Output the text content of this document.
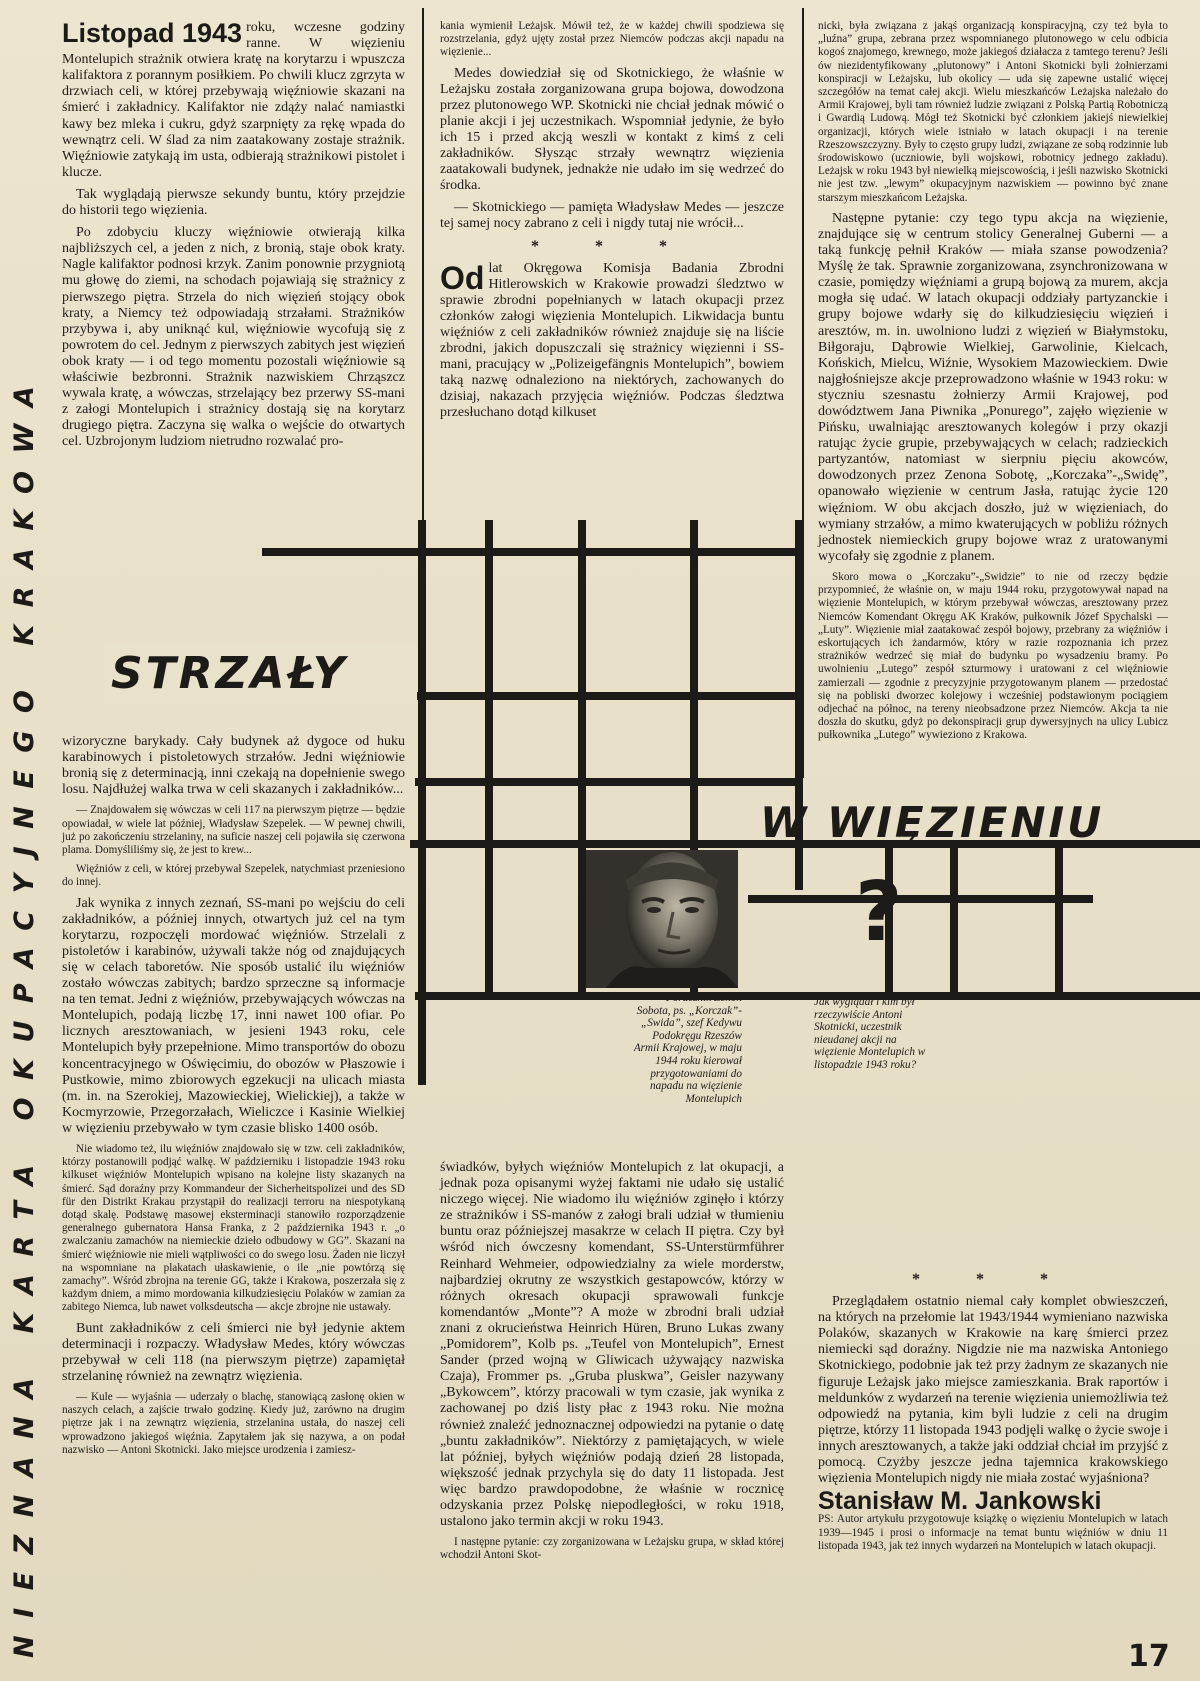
NIEZNANA KARTA OKUPACYJNEGO KRAKOWA

Listopad 1943 roku, wczesne godziny ranne. W więzieniu Montelupich strażnik otwiera kratę na korytarzu i wpuszcza kalifaktora z porannym posiłkiem. Po chwili klucz zgrzyta w drzwiach celi, w której przebywają więźniowie skazani na śmierć i zakładnicy. Kalifaktor nie zdąży nalać namiastki kawy bez mleka i cukru, gdyż szarpnięty za rękę wpada do wewnątrz celi. W ślad za nim zaatakowany zostaje strażnik. Więźniowie zatykają im usta, odbierają strażnikowi pistolet i klucze.

Tak wyglądają pierwsze sekundy buntu, który przejdzie do historii tego więzienia.

Po zdobyciu kluczy więźniowie otwierają kilka najbliższych cel, a jeden z nich, z bronią, staje obok kraty. Nagle kalifaktor podnosi krzyk. Zanim ponownie przygniotą mu głowę do ziemi, na schodach pojawiają się strażnicy z pierwszego piętra. Strzela do nich więzień stojący obok kraty, a Niemcy też odpowiadają strzałami. Strażników przybywa i, aby uniknąć kul, więźniowie wycofują się z powrotem do cel. Jednym z pierwszych zabitych jest więzień obok kraty — i od tego momentu pozostali więźniowie są właściwie bezbronni. Strażnik nazwiskiem Chrząszcz wywala kratę, a wówczas, strzelający bez przerwy SS-mani z załogi Montelupich i strażnicy dostają się na korytarz drugiego piętra. Zaczyna się walka o wejście do otwartych cel. Uzbrojonym ludziom nietrudno rozwalać pro-

kania wymienił Leżajsk. Mówił też, że w każdej chwili spodziewa się rozstrzelania, gdyż ujęty został przez Niemców podczas akcji napadu na więzienie...

Medes dowiedział się od Skotnickiego, że właśnie w Leżajsku została zorganizowana grupa bojowa, dowodzona przez plutonowego WP. Skotnicki nie chciał jednak mówić o planie akcji i jej uczestnikach. Wspomniał jedynie, że było ich 15 i przed akcją weszli w kontakt z kimś z celi zakładników. Słysząc strzały wewnątrz więzienia zaatakowali budynek, jednakże nie udało im się wedrzeć do środka.

— Skotnickiego — pamięta Władysław Medes — jeszcze tej samej nocy zabrano z celi i nigdy tutaj nie wrócił...

* * *

Od lat Okręgowa Komisja Badania Zbrodni Hitlerowskich w Krakowie prowadzi śledztwo w sprawie zbrodni popełnianych w latach okupacji przez członków załogi więzienia Montelupich. Likwidacja buntu więźniów z celi zakładników również znajduje się na liście zbrodni, jakich dopuszczali się strażnicy więzienni i SS-mani, pracujący w „Polizeigefängnis Montelupich”, bowiem taką nazwę odnaleziono na niektórych, zachowanych do dzisiaj, nakazach przyjęcia więźniów. Podczas śledztwa przesłuchano dotąd kilkuset

nicki, była związana z jakąś organizacją konspiracyjną, czy też była to „luźna” grupa, zebrana przez wspomnianego plutonowego w celu odbicia kogoś znajomego, krewnego, może jakiegoś działacza z tamtego terenu? Jeśli ów niezidentyfikowany „plutonowy” i Antoni Skotnicki byli żołnierzami konspiracji w Leżajsku, lub okolicy — uda się zapewne ustalić więcej szczegółów na temat całej akcji. Wielu mieszkańców Leżajska należało do Armii Krajowej, byli tam również ludzie związani z Polską Partią Robotniczą i Gwardią Ludową. Mógł też Skotnicki być członkiem jakiejś niewielkiej organizacji, których wiele istniało w latach okupacji i na terenie Rzeszowszczyzny. Były to często grupy ludzi, związane ze sobą rodzinnie lub środowiskowo (uczniowie, byli wojskowi, robotnicy jednego zakładu). Leżajsk w roku 1943 był niewielką miejscowością, i jeśli nazwisko Skotnicki nie jest tzw. „lewym” okupacyjnym nazwiskiem — powinno być znane starszym mieszkańcom Leżajska.

Następne pytanie: czy tego typu akcja na więzienie, znajdujące się w centrum stolicy Generalnej Guberni — a taką funkcję pełnił Kraków — miała szanse powodzenia? Myślę że tak. Sprawnie zorganizowana, zsynchronizowana w czasie, pomiędzy więźniami a grupą bojową za murem, akcja mogła się udać. W latach okupacji oddziały partyzanckie i grupy bojowe wdarły się do kilkudziesięciu więzień i aresztów, m. in. uwolniono ludzi z więzień w Białymstoku, Biłgoraju, Dąbrowie Wielkiej, Garwolinie, Kielcach, Końskich, Mielcu, Wiźnie, Wysokiem Mazowieckiem. Dwie najgłośniejsze akcje przeprowadzono właśnie w 1943 roku: w styczniu szesnastu żołnierzy Armii Krajowej, pod dowództwem Jana Piwnika „Ponurego”, zajęło więzienie w Pińsku, uwalniając aresztowanych kolegów i przy okazji ratując życie grupie, przebywających w celach; radzieckich partyzantów, natomiast w sierpniu pięciu akowców, dowodzonych przez Zenona Sobotę, „Korczaka”-„Swidę”, opanowało więzienie w centrum Jasła, ratując życie 120 więźniom. W obu akcjach doszło, już w więzieniach, do wymiany strzałów, a mimo kwaterujących w pobliżu różnych jednostek niemieckich grupy bojowe wraz z uratowanymi wycofały się zgodnie z planem.

Skoro mowa o „Korczaku”-„Swidzie” to nie od rzeczy będzie przypomnieć, że właśnie on, w maju 1944 roku, przygotowywał napad na więzienie Montelupich, w którym przebywał wówczas, aresztowany przez Niemców Komendant Okręgu AK Kraków, pułkownik Józef Spychalski — „Luty”. Więzienie miał zaatakować zespół bojowy, przebrany za więźniów i eskortujących ich żandarmów, który w razie rozpoznania ich przez strażników wedrzeć się miał do budynku po wysadzeniu bramy. Po uwolnieniu „Lutego” zespół szturmowy i uratowani z cel więźniowie zamierzali — zgodnie z precyzyjnie przygotowanym planem — przedostać się na pobliski dworzec kolejowy i wcześniej podstawionym pociągiem odjechać na północ, na tereny nieobsadzone przez Niemców. Akcja ta nie doszła do skutku, gdyż po dekonspiracji grup dywersyjnych na ulicy Lubicz pułkownika „Lutego” wywieziono z Krakowa.

STRZAŁY
W WIĘZIENIU
?
Porucznik Zenon Sobota, ps. „Korczak”-„Swida”, szef Kedywu Podokręgu Rzeszów Armii Krajowej, w maju 1944 roku kierował przygotowaniami do napadu na więzienie Montelupich
Jak wyglądał i kim był rzeczywiście Antoni Skotnicki, uczestnik nieudanej akcji na więzienie Montelupich w listopadzie 1943 roku?

wizoryczne barykady. Cały budynek aż dygoce od huku karabinowych i pistoletowych strzałów. Jedni więźniowie bronią się z determinacją, inni czekają na dopełnienie swego losu. Najdłużej walka trwa w celi skazanych i zakładników...

— Znajdowałem się wówczas w celi 117 na pierwszym piętrze — będzie opowiadał, w wiele lat później, Władysław Szepelek. — W pewnej chwili, już po zakończeniu strzelaniny, na suficie naszej celi pojawiła się czerwona plama. Domyśliliśmy się, że jest to krew...

Więźniów z celi, w której przebywał Szepelek, natychmiast przeniesiono do innej.

Jak wynika z innych zeznań, SS-mani po wejściu do celi zakładników, a później innych, otwartych już cel na tym korytarzu, rozpoczęli mordować więźniów. Strzelali z pistoletów i karabinów, używali także nóg od znajdujących się w celach taboretów. Nie sposób ustalić ilu więźniów zostało wówczas zabitych; bardzo sprzeczne są informacje na ten temat. Jedni z więźniów, przebywających wówczas na Montelupich, podają liczbę 17, inni nawet 100 ofiar. Po licznych aresztowaniach, w jesieni 1943 roku, cele Montelupich były przepełnione. Mimo transportów do obozu koncentracyjnego w Oświęcimiu, do obozów w Płaszowie i Pustkowie, mimo zbiorowych egzekucji na ulicach miasta (m. in. na Szerokiej, Mazowieckiej, Wielickiej), a także w Kocmyrzowie, Przegorzałach, Wieliczce i Kasinie Wielkiej w więzieniu przebywało w tym czasie blisko 1400 osób.

Nie wiadomo też, ilu więźniów znajdowało się w tzw. celi zakładników, którzy postanowili podjąć walkę. W październiku i listopadzie 1943 roku kilkuset więźniów Montelupich wpisano na kolejne listy skazanych na śmierć. Sąd doraźny przy Kommandeur der Sicherheitspolizei und des SD für den Distrikt Krakau przystąpił do realizacji terroru na niespotykaną dotąd skalę. Podstawę masowej eksterminacji stanowiło rozporządzenie generalnego gubernatora Hansa Franka, z 2 października 1943 r. „o zwalczaniu zamachów na niemieckie dzieło odbudowy w GG”. Skazani na śmierć więźniowie nie mieli wątpliwości co do swego losu. Żaden nie liczył na wspomniane na plakatach ułaskawienie, o ile „nie powtórzą się zamachy”. Wśród zbrojna na terenie GG, także i Krakowa, poszerzała się z każdym dniem, a mimo mordowania kilkudziesięciu Polaków w zamian za zabitego Niemca, lub nawet volksdeutscha — akcje zbrojne nie ustawały.

Bunt zakładników z celi śmierci nie był jedynie aktem determinacji i rozpaczy. Władysław Medes, który wówczas przebywał w celi 118 (na pierwszym piętrze) zapamiętał strzelaninę również na zewnątrz więzienia.

— Kule — wyjaśnia — uderzały o blachę, stanowiącą zasłonę okien w naszych celach, a zajście trwało godzinę. Kiedy już, zarówno na drugim piętrze jak i na zewnątrz więzienia, strzelanina ustała, do naszej celi wprowadzono jakiegoś więźnia. Zapytałem jak się nazywa, a on podał nazwisko — Antoni Skotnicki. Jako miejsce urodzenia i zamiesz-

świadków, byłych więźniów Montelupich z lat okupacji, a jednak poza opisanymi wyżej faktami nie udało się ustalić niczego więcej. Nie wiadomo ilu więźniów zginęło i którzy ze strażników i SS-manów z załogi brali udział w tłumieniu buntu oraz późniejszej masakrze w celach II piętra. Czy był wśród nich ówczesny komendant, SS-Unterstürmführer Reinhard Wehmeier, odpowiedzialny za wiele morderstw, najbardziej okrutny ze wszystkich gestapowców, którzy w różnych okresach okupacji sprawowali funkcje komendantów „Monte”? A może w zbrodni brali udział znani z okrucieństwa Heinrich Hüren, Bruno Lukas zwany „Pomidorem”, Kolb ps. „Teufel von Montelupich”, Ernest Sander (przed wojną w Gliwicach używający nazwiska Czaja), Frommer ps. „Gruba pluskwa”, Geisler nazywany „Bykowcem”, którzy pracowali w tym czasie, jak wynika z zachowanej po dziś listy płac z 1943 roku. Nie można również znaleźć jednoznacznej odpowiedzi na pytanie o datę „buntu zakładników”. Niektórzy z pamiętających, w wiele lat później, byłych więźniów podają dzień 28 listopada, większość jednak przychyla się do daty 11 listopada. Jest więc bardzo prawdopodobne, że właśnie w rocznicę odzyskania przez Polskę niepodległości, w roku 1918, ustalono jako termin akcji w roku 1943.

I następne pytanie: czy zorganizowana w Leżajsku grupa, w skład której wchodził Antoni Skot-

* * *

Przeglądałem ostatnio niemal cały komplet obwieszczeń, na których na przełomie lat 1943/1944 wymieniano nazwiska Polaków, skazanych w Krakowie na karę śmierci przez niemiecki sąd doraźny. Nigdzie nie ma nazwiska Antoniego Skotnickiego, podobnie jak też przy żadnym ze skazanych nie figuruje Leżajsk jako miejsce zamieszkania. Brak raportów i meldunków z wydarzeń na terenie więzienia uniemożliwia też odpowiedź na pytania, kim byli ludzie z celi na drugim piętrze, którzy 11 listopada 1943 podjęli walkę o życie swoje i innych aresztowanych, a także jaki oddział chciał im przyjść z pomocą. Czyżby jeszcze jedna tajemnica krakowskiego więzienia Montelupich nigdy nie miała zostać wyjaśniona?

Stanisław M. Jankowski

PS: Autor artykułu przygotowuje książkę o więzieniu Montelupich w latach 1939—1945 i prosi o informacje na temat buntu więźniów w dniu 11 listopada 1943, jak też innych wydarzeń na Montelupich w latach okupacji.

17
